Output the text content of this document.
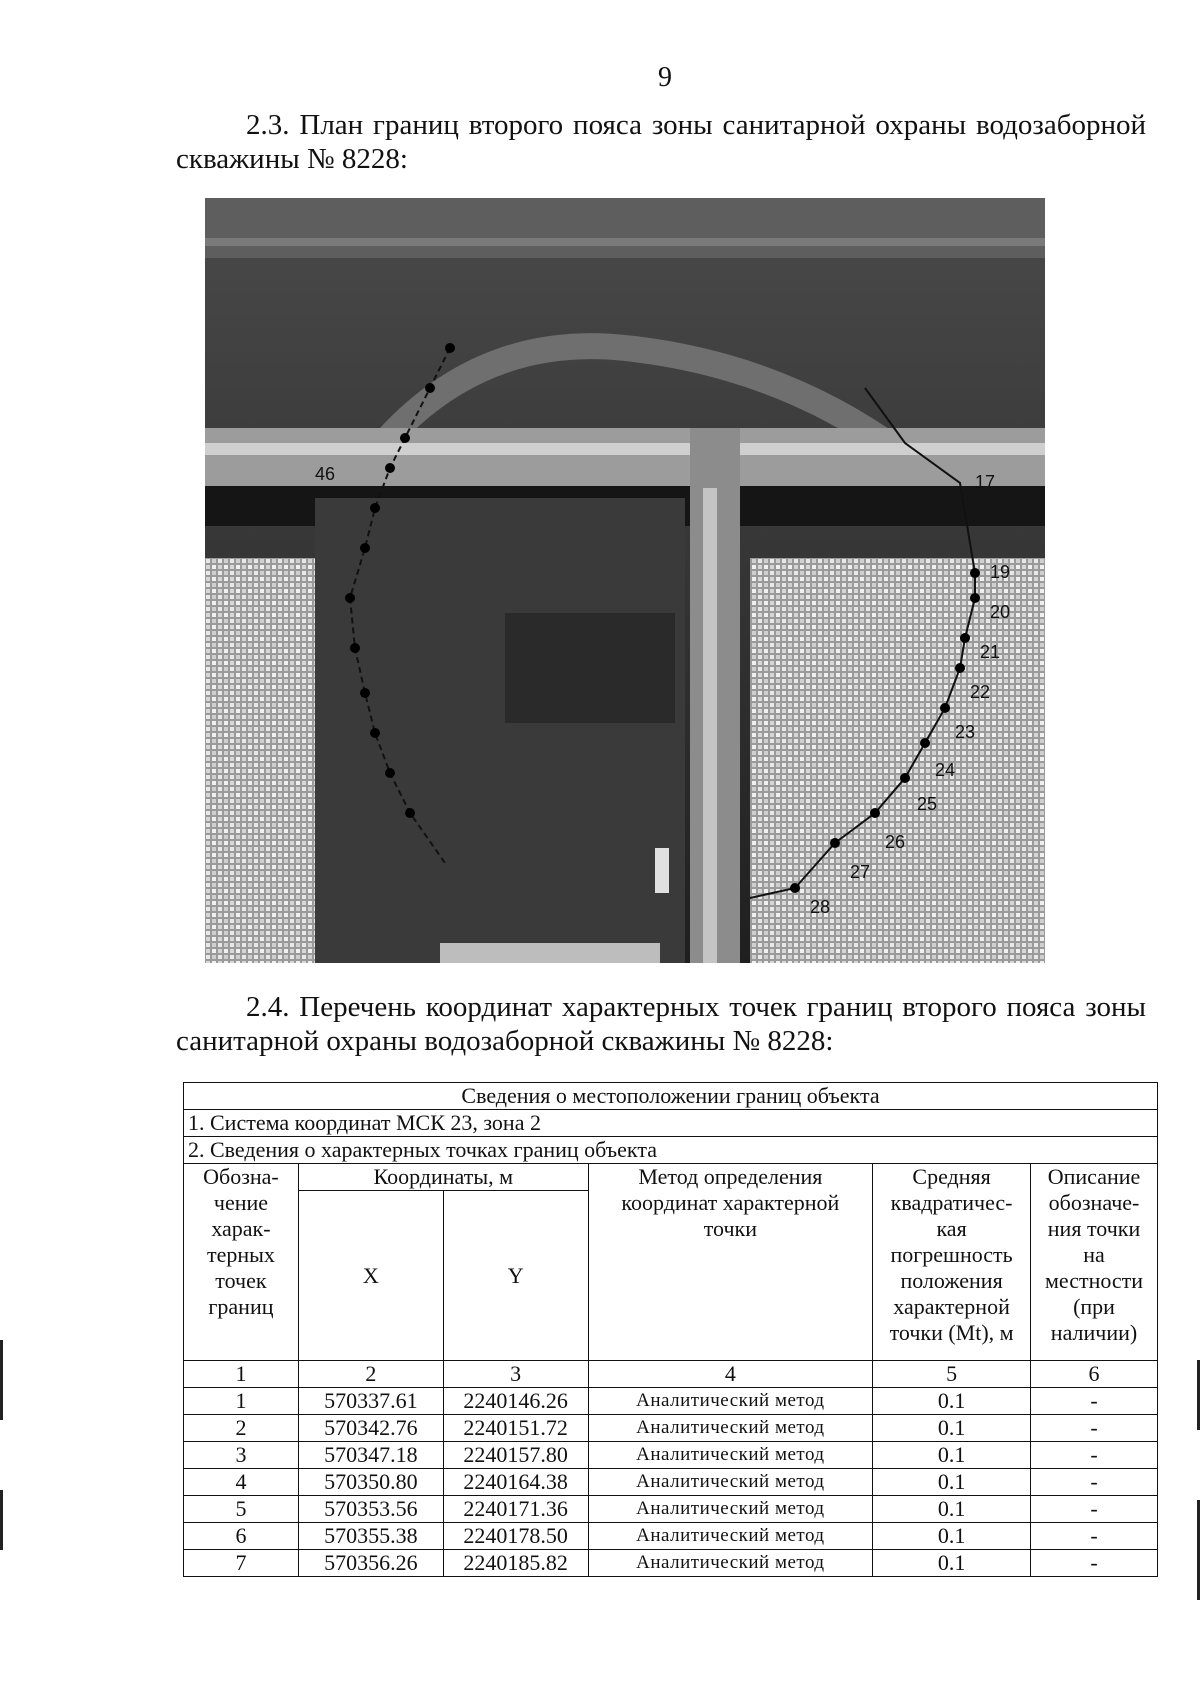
9
2.3. План границ второго пояса зоны санитарной охраны водозаборной скважины № 8228:
46	17
19
20
21
22
23
24
25
26
27
28
2.4. Перечень координат характерных точек границ второго пояса зоны санитарной охраны водозаборной скважины № 8228:
Сведения о местоположении границ объекта					
1. Система координат МСК 23, зона 2					
2. Сведения о характерных точках границ объекта					
Обозна-чение харак-терных точек границ	Координаты, м		Метод определения координат характерной точки	Средняя квадратичес-кая погрешность положения характерной точки (Mt), м	Описание обозначе-ния точки на местности (при наличии)
	X	Y			
1	2	3	4	5	6
1	570337.61	2240146.26	Аналитический метод	0.1	-
2	570342.76	2240151.72	Аналитический метод	0.1	-
3	570347.18	2240157.80	Аналитический метод	0.1	-
4	570350.80	2240164.38	Аналитический метод	0.1	-
5	570353.56	2240171.36	Аналитический метод	0.1	-
6	570355.38	2240178.50	Аналитический метод	0.1	-
7	570356.26	2240185.82	Аналитический метод	0.1	-
